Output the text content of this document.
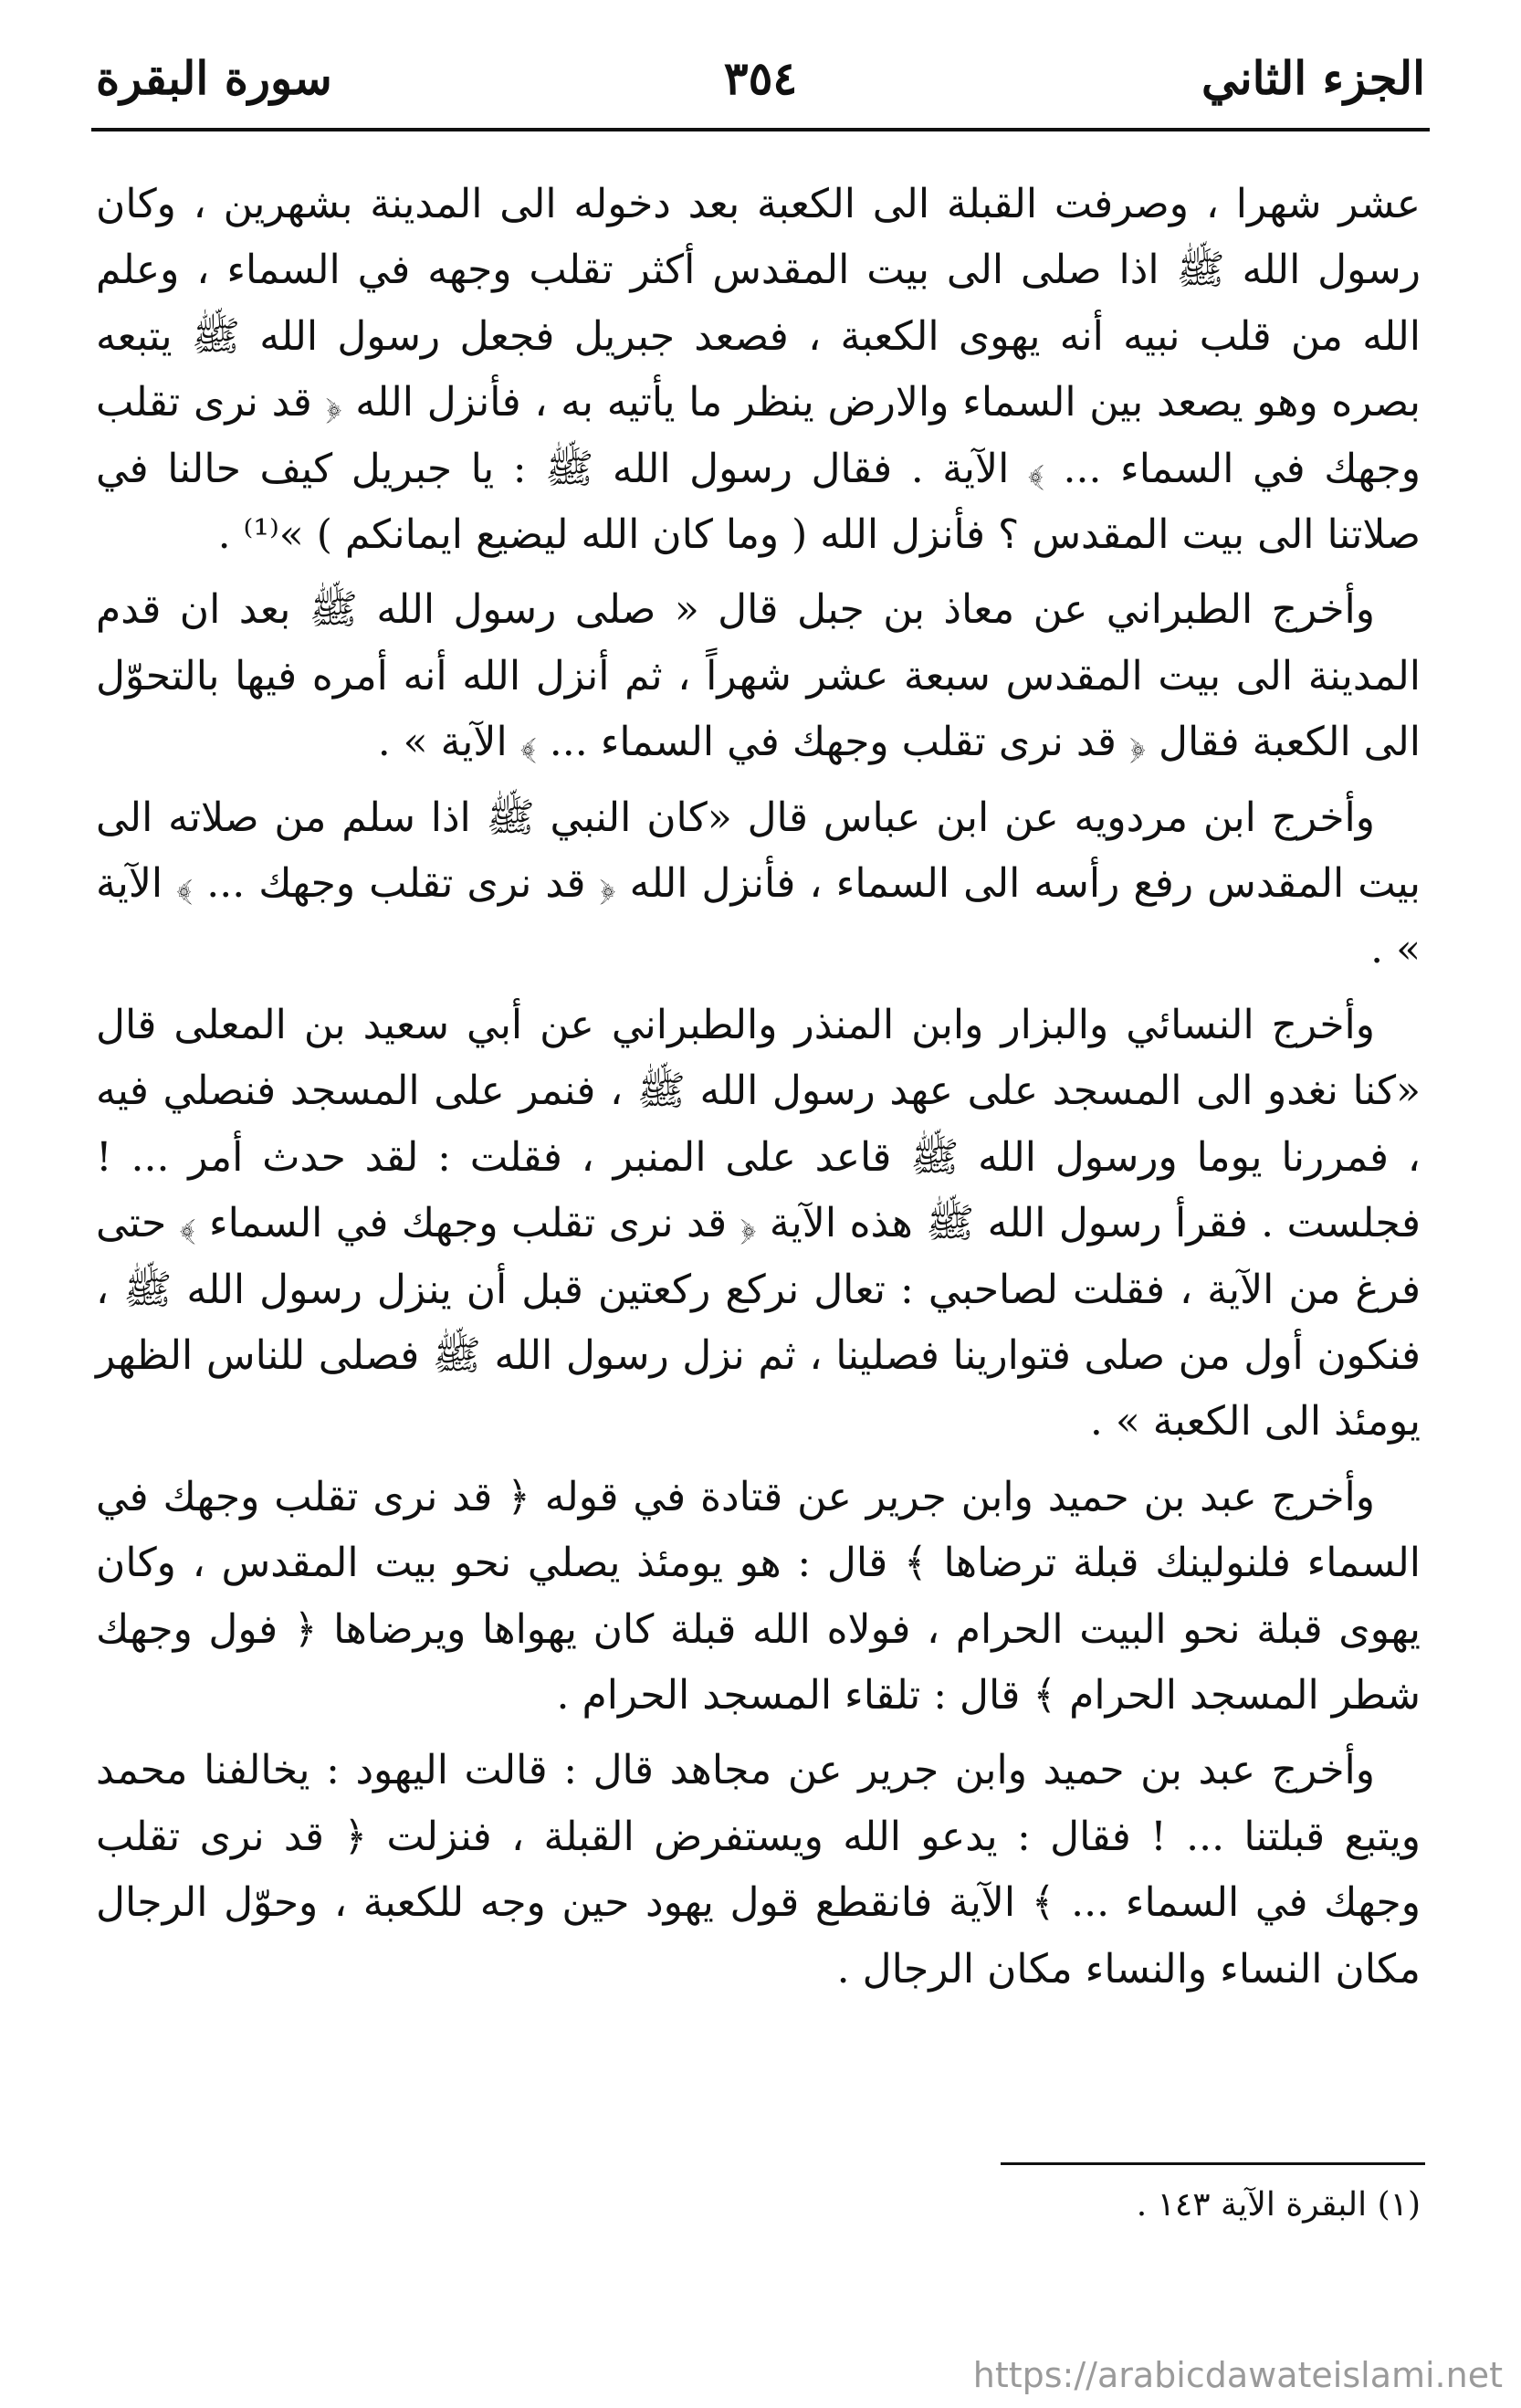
الجزء الثاني
٣٥٤
سورة البقرة

عشر شهرا ، وصرفت القبلة الى الكعبة بعد دخوله الى المدينة بشهرين ، وكان رسول الله ﷺ اذا صلى الى بيت المقدس أكثر تقلب وجهه في السماء ، وعلم الله من قلب نبيه أنه يهوى الكعبة ، فصعد جبريل فجعل رسول الله ﷺ يتبعه بصره وهو يصعد بين السماء والارض ينظر ما يأتيه به ، فأنزل الله ﴿ قد نرى تقلب وجهك في السماء ... ﴾ الآية . فقال رسول الله ﷺ : يا جبريل كيف حالنا في صلاتنا الى بيت المقدس ؟ فأنزل الله ( وما كان الله ليضيع ايمانكم ) »⁽¹⁾ .

وأخرج الطبراني عن معاذ بن جبل قال « صلى رسول الله ﷺ بعد ان قدم المدينة الى بيت المقدس سبعة عشر شهراً ، ثم أنزل الله أنه أمره فيها بالتحوّل الى الكعبة فقال ﴿ قد نرى تقلب وجهك في السماء ... ﴾ الآية » .

وأخرج ابن مردويه عن ابن عباس قال «كان النبي ﷺ اذا سلم من صلاته الى بيت المقدس رفع رأسه الى السماء ، فأنزل الله ﴿ قد نرى تقلب وجهك ... ﴾ الآية » .

وأخرج النسائي والبزار وابن المنذر والطبراني عن أبي سعيد بن المعلى قال «كنا نغدو الى المسجد على عهد رسول الله ﷺ ، فنمر على المسجد فنصلي فيه ، فمررنا يوما ورسول الله ﷺ قاعد على المنبر ، فقلت : لقد حدث أمر ... ! فجلست . فقرأ رسول الله ﷺ هذه الآية ﴿ قد نرى تقلب وجهك في السماء ﴾ حتى فرغ من الآية ، فقلت لصاحبي : تعال نركع ركعتين قبل أن ينزل رسول الله ﷺ ، فنكون أول من صلى فتوارينا فصلينا ، ثم نزل رسول الله ﷺ فصلى للناس الظهر يومئذ الى الكعبة » .

وأخرج عبد بن حميد وابن جرير عن قتادة في قوله ﴿ قد نرى تقلب وجهك في السماء فلنولينك قبلة ترضاها ﴾ قال : هو يومئذ يصلي نحو بيت المقدس ، وكان يهوى قبلة نحو البيت الحرام ، فولاه الله قبلة كان يهواها ويرضاها ﴿ فول وجهك شطر المسجد الحرام ﴾ قال : تلقاء المسجد الحرام .

وأخرج عبد بن حميد وابن جرير عن مجاهد قال : قالت اليهود : يخالفنا محمد ويتبع قبلتنا ... ! فقال : يدعو الله ويستفرض القبلة ، فنزلت ﴿ قد نرى تقلب وجهك في السماء ... ﴾ الآية فانقطع قول يهود حين وجه للكعبة ، وحوّل الرجال مكان النساء والنساء مكان الرجال .

(١) البقرة الآية ١٤٣ .
https://arabicdawateislami.net
